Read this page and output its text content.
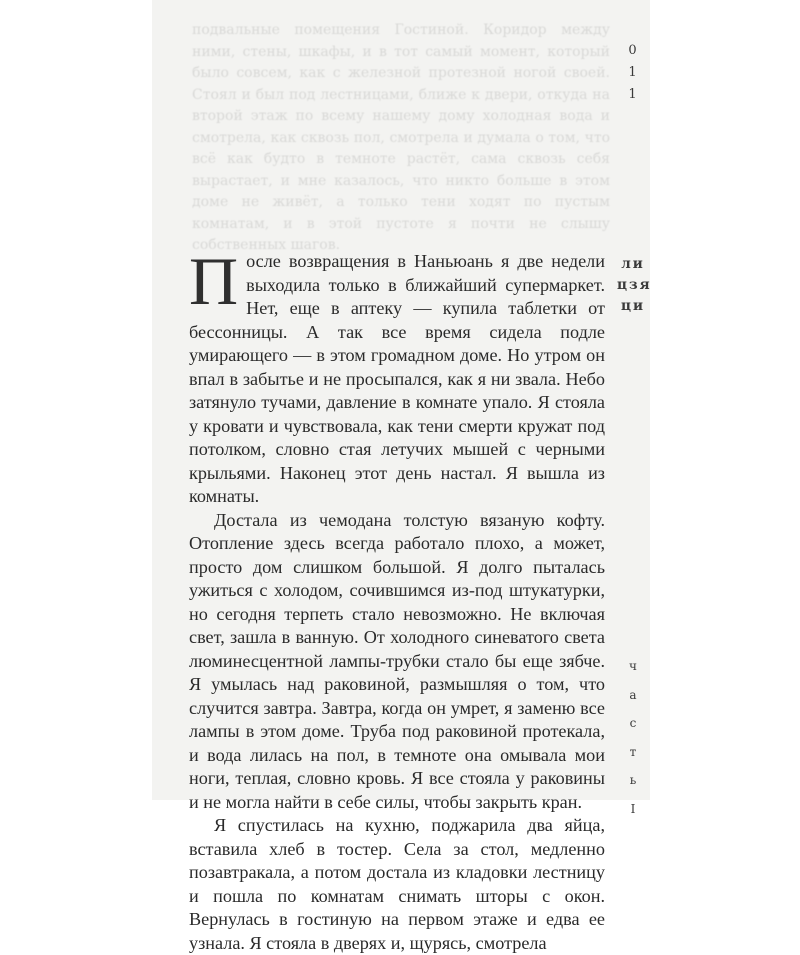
подвальные помещения Гостиной. Коридор между ними, стены, шкафы, и в тот самый момент, который было совсем, как с железной протезной ногой своей. Стоял и был под лестницами, ближе к двери, откуда на второй этаж по всему нашему дому холодная вода и смотрела, как сквозь пол, смотрела и думала о том, что всё как будто в темноте растёт, сама сквозь себя вырастает, и мне казалось, что никто больше в этом доме не живёт, а только тени ходят по пустым комнатам, и в этой пустоте я почти не слышу собственных шагов.

0
1
1
ли
цзя
ци
ч
а
с
т
ь
I

После возвращения в Наньюань я две недели выходила только в ближайший супермаркет. Нет, еще в аптеку — купила таблетки от бессонницы. А так все время сидела подле умирающего — в этом громадном доме. Но утром он впал в забытье и не просыпался, как я ни звала. Небо затянуло тучами, давление в комнате упало. Я стояла у кровати и чувствовала, как тени смерти кружат под потолком, словно стая летучих мышей с черными крыльями. Наконец этот день настал. Я вышла из комнаты.

Достала из чемодана толстую вязаную кофту. Отопление здесь всегда работало плохо, а может, просто дом слишком большой. Я долго пыталась ужиться с холодом, сочившимся из-под штукатурки, но сегодня терпеть стало невозможно. Не включая свет, зашла в ванную. От холодного синеватого света люминесцентной лампы-трубки стало бы еще зябче. Я умылась над раковиной, размышляя о том, что случится завтра. Завтра, когда он умрет, я заменю все лампы в этом доме. Труба под раковиной протекала, и вода лилась на пол, в темноте она омывала мои ноги, теплая, словно кровь. Я все стояла у раковины и не могла найти в себе силы, чтобы закрыть кран.

Я спустилась на кухню, поджарила два яйца, вставила хлеб в тостер. Села за стол, медленно позавтракала, а потом достала из кладовки лестницу и пошла по комнатам снимать шторы с окон. Вернулась в гостиную на первом этаже и едва ее узнала. Я стояла в дверях и, щурясь, смотрела
